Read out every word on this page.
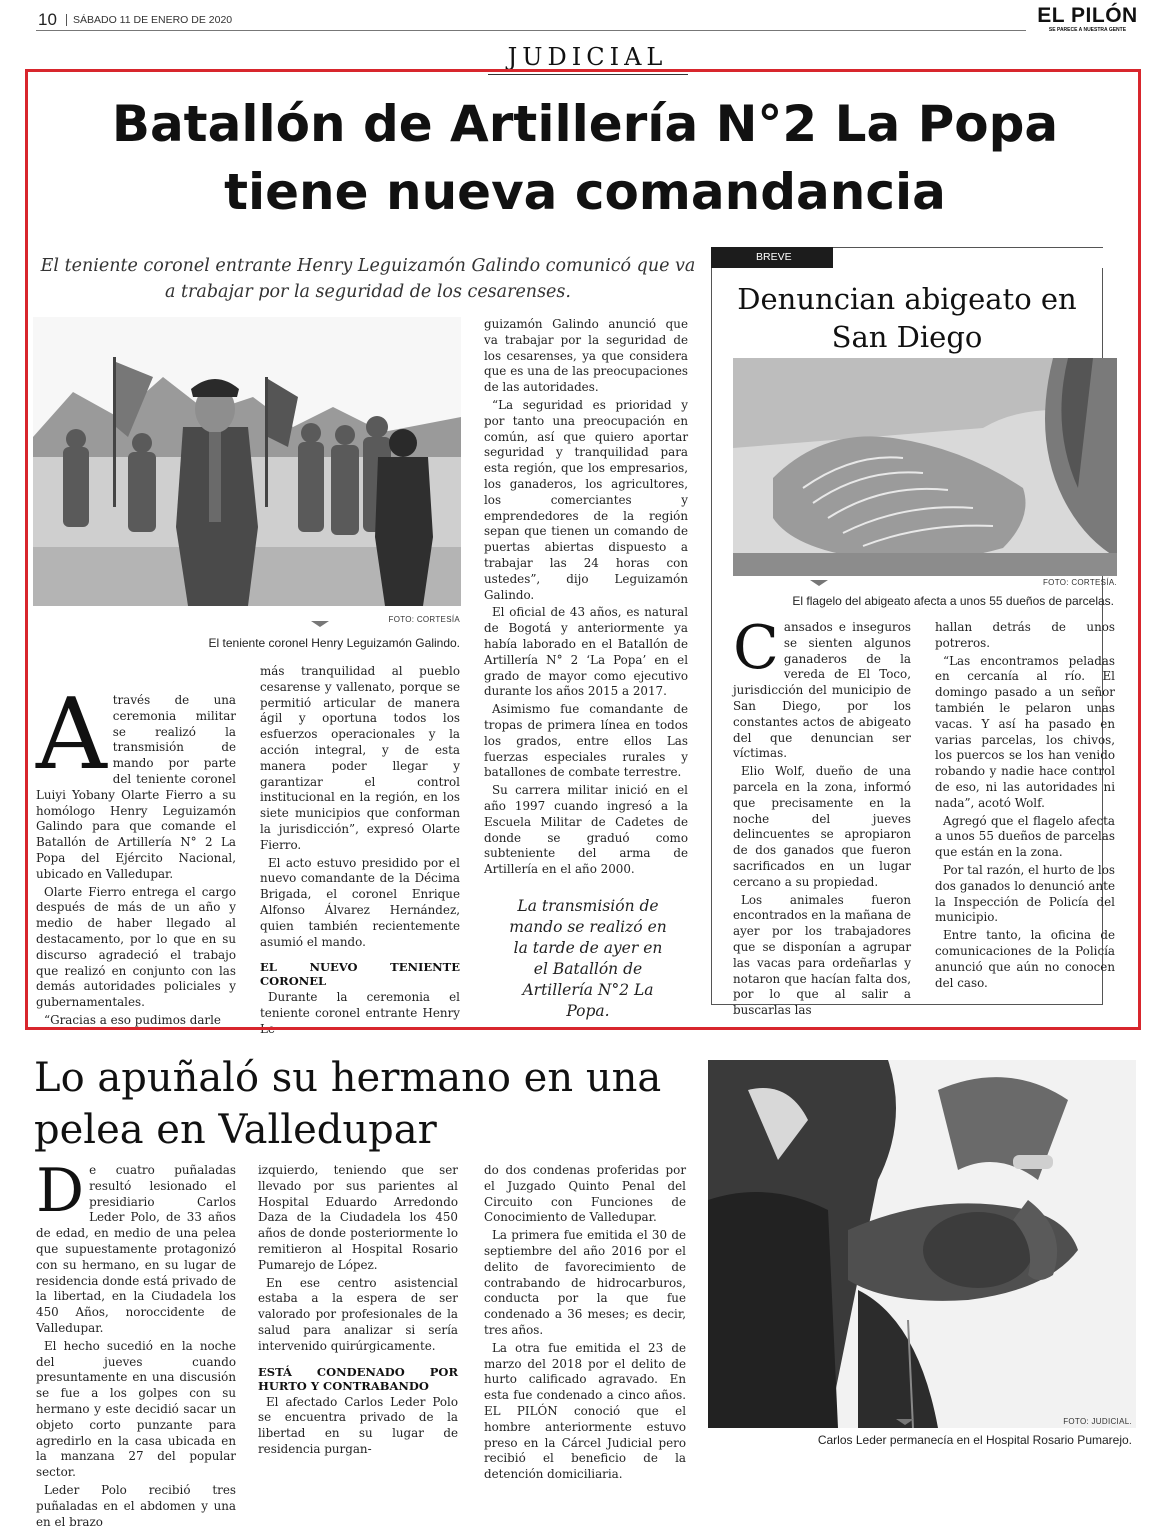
10	SÁBADO 11 DE ENERO DE 2020	EL PILÓN
SE PARECE A NUESTRA GENTE
JUDICIAL
Batallón de Artillería N°2 La Popa tiene nueva comandancia
El teniente coronel entrante Henry Leguizamón Galindo comunicó que va a trabajar por la seguridad de los cesarenses.
FOTO: CORTESÍA
El teniente coronel Henry Leguizamón Galindo.

Através de una ceremonia militar se realizó la transmisión de mando por parte del teniente coronel Luiyi Yobany Olarte Fierro a su homólogo Henry Leguizamón Galindo para que comande el Batallón de Artillería N° 2 La Popa del Ejército Nacional, ubicado en Valledupar.

Olarte Fierro entrega el cargo después de más de un año y medio de haber llegado al destacamento, por lo que en su discurso agradeció el trabajo que realizó en conjunto con las demás autoridades policiales y gubernamentales.

“Gracias a eso pudimos darle

más tranquilidad al pueblo cesarense y vallenato, porque se permitió articular de manera ágil y oportuna todos los esfuerzos operacionales y la acción integral, y de esta manera poder llegar y garantizar el control institucional en la región, en los siete municipios que conforman la jurisdicción”, expresó Olarte Fierro.

El acto estuvo presidido por el nuevo comandante de la Décima Brigada, el coronel Enrique Alfonso Álvarez Hernández, quien también recientemente asumió el mando.

EL NUEVO TENIENTE CORONEL

Durante la ceremonia el teniente coronel entrante Henry Le-

guizamón Galindo anunció que va trabajar por la seguridad de los cesarenses, ya que considera que es una de las preocupaciones de las autoridades.

“La seguridad es prioridad y por tanto una preocupación en común, así que quiero aportar seguridad y tranquilidad para esta región, que los empresarios, los ganaderos, los agricultores, los comerciantes y emprendedores de la región sepan que tienen un comando de puertas abiertas dispuesto a trabajar las 24 horas con ustedes”, dijo Leguizamón Galindo.

El oficial de 43 años, es natural de Bogotá y anteriormente ya había laborado en el Batallón de Artillería N° 2 ‘La Popa’ en el grado de mayor como ejecutivo durante los años 2015 a 2017.

Asimismo fue comandante de tropas de primera línea en todos los grados, entre ellos Las fuerzas especiales rurales y batallones de combate terrestre.

Su carrera militar inició en el año 1997 cuando ingresó a la Escuela Militar de Cadetes de donde se graduó como subteniente del arma de Artillería en el año 2000.

La transmisión de mando se realizó en la tarde de ayer en el Batallón de Artillería N°2 La Popa.
BREVE
Denuncian abigeato en San Diego
FOTO: CORTESÍA.
El flagelo del abigeato afecta a unos 55 dueños de parcelas.

Cansados e inseguros se sienten algunos ganaderos de la vereda de El Toco, jurisdicción del municipio de San Diego, por los constantes actos de abigeato del que denuncian ser víctimas.

Elio Wolf, dueño de una parcela en la zona, informó que precisamente en la noche del jueves delincuentes se apropiaron de dos ganados que fueron sacrificados en un lugar cercano a su propiedad.

Los animales fueron encontrados en la mañana de ayer por los trabajadores que se disponían a agrupar las vacas para ordeñarlas y notaron que hacían falta dos, por lo que al salir a buscarlas las

hallan detrás de unos potreros.

“Las encontramos peladas en cercanía al río. El domingo pasado a un señor también le pelaron unas vacas. Y así ha pasado en varias parcelas, los chivos, los puercos se los han venido robando y nadie hace control de eso, ni las autoridades ni nada”, acotó Wolf.

Agregó que el flagelo afecta a unos 55 dueños de parcelas que están en la zona.

Por tal razón, el hurto de los dos ganados lo denunció ante la Inspección de Policía del municipio.

Entre tanto, la oficina de comunicaciones de la Policía anunció que aún no conocen del caso.

Lo apuñaló su hermano en una pelea en Valledupar

De cuatro puñaladas resultó lesionado el presidiario Carlos Leder Polo, de 33 años de edad, en medio de una pelea que supuestamente protagonizó con su hermano, en su lugar de residencia donde está privado de la libertad, en la Ciudadela los 450 Años, noroccidente de Valledupar.

El hecho sucedió en la noche del jueves cuando presuntamente en una discusión se fue a los golpes con su hermano y este decidió sacar un objeto corto punzante para agredirlo en la casa ubicada en la manzana 27 del popular sector.

Leder Polo recibió tres puñaladas en el abdomen y una en el brazo

izquierdo, teniendo que ser llevado por sus parientes al Hospital Eduardo Arredondo Daza de la Ciudadela los 450 años de donde posteriormente lo remitieron al Hospital Rosario Pumarejo de López.

En ese centro asistencial estaba a la espera de ser valorado por profesionales de la salud para analizar si sería intervenido quirúrgicamente.

ESTÁ CONDENADO POR HURTO Y CONTRABANDO

El afectado Carlos Leder Polo se encuentra privado de la libertad en su lugar de residencia purgan-

do dos condenas proferidas por el Juzgado Quinto Penal del Circuito con Funciones de Conocimiento de Valledupar.

La primera fue emitida el 30 de septiembre del año 2016 por el delito de favorecimiento de contrabando de hidrocarburos, conducta por la que fue condenado a 36 meses; es decir, tres años.

La otra fue emitida el 23 de marzo del 2018 por el delito de hurto calificado agravado. En esta fue condenado a cinco años. EL PILÓN conoció que el hombre anteriormente estuvo preso en la Cárcel Judicial pero recibió el beneficio de la detención domiciliaria.

FOTO: JUDICIAL.
Carlos Leder permanecía en el Hospital Rosario Pumarejo.
